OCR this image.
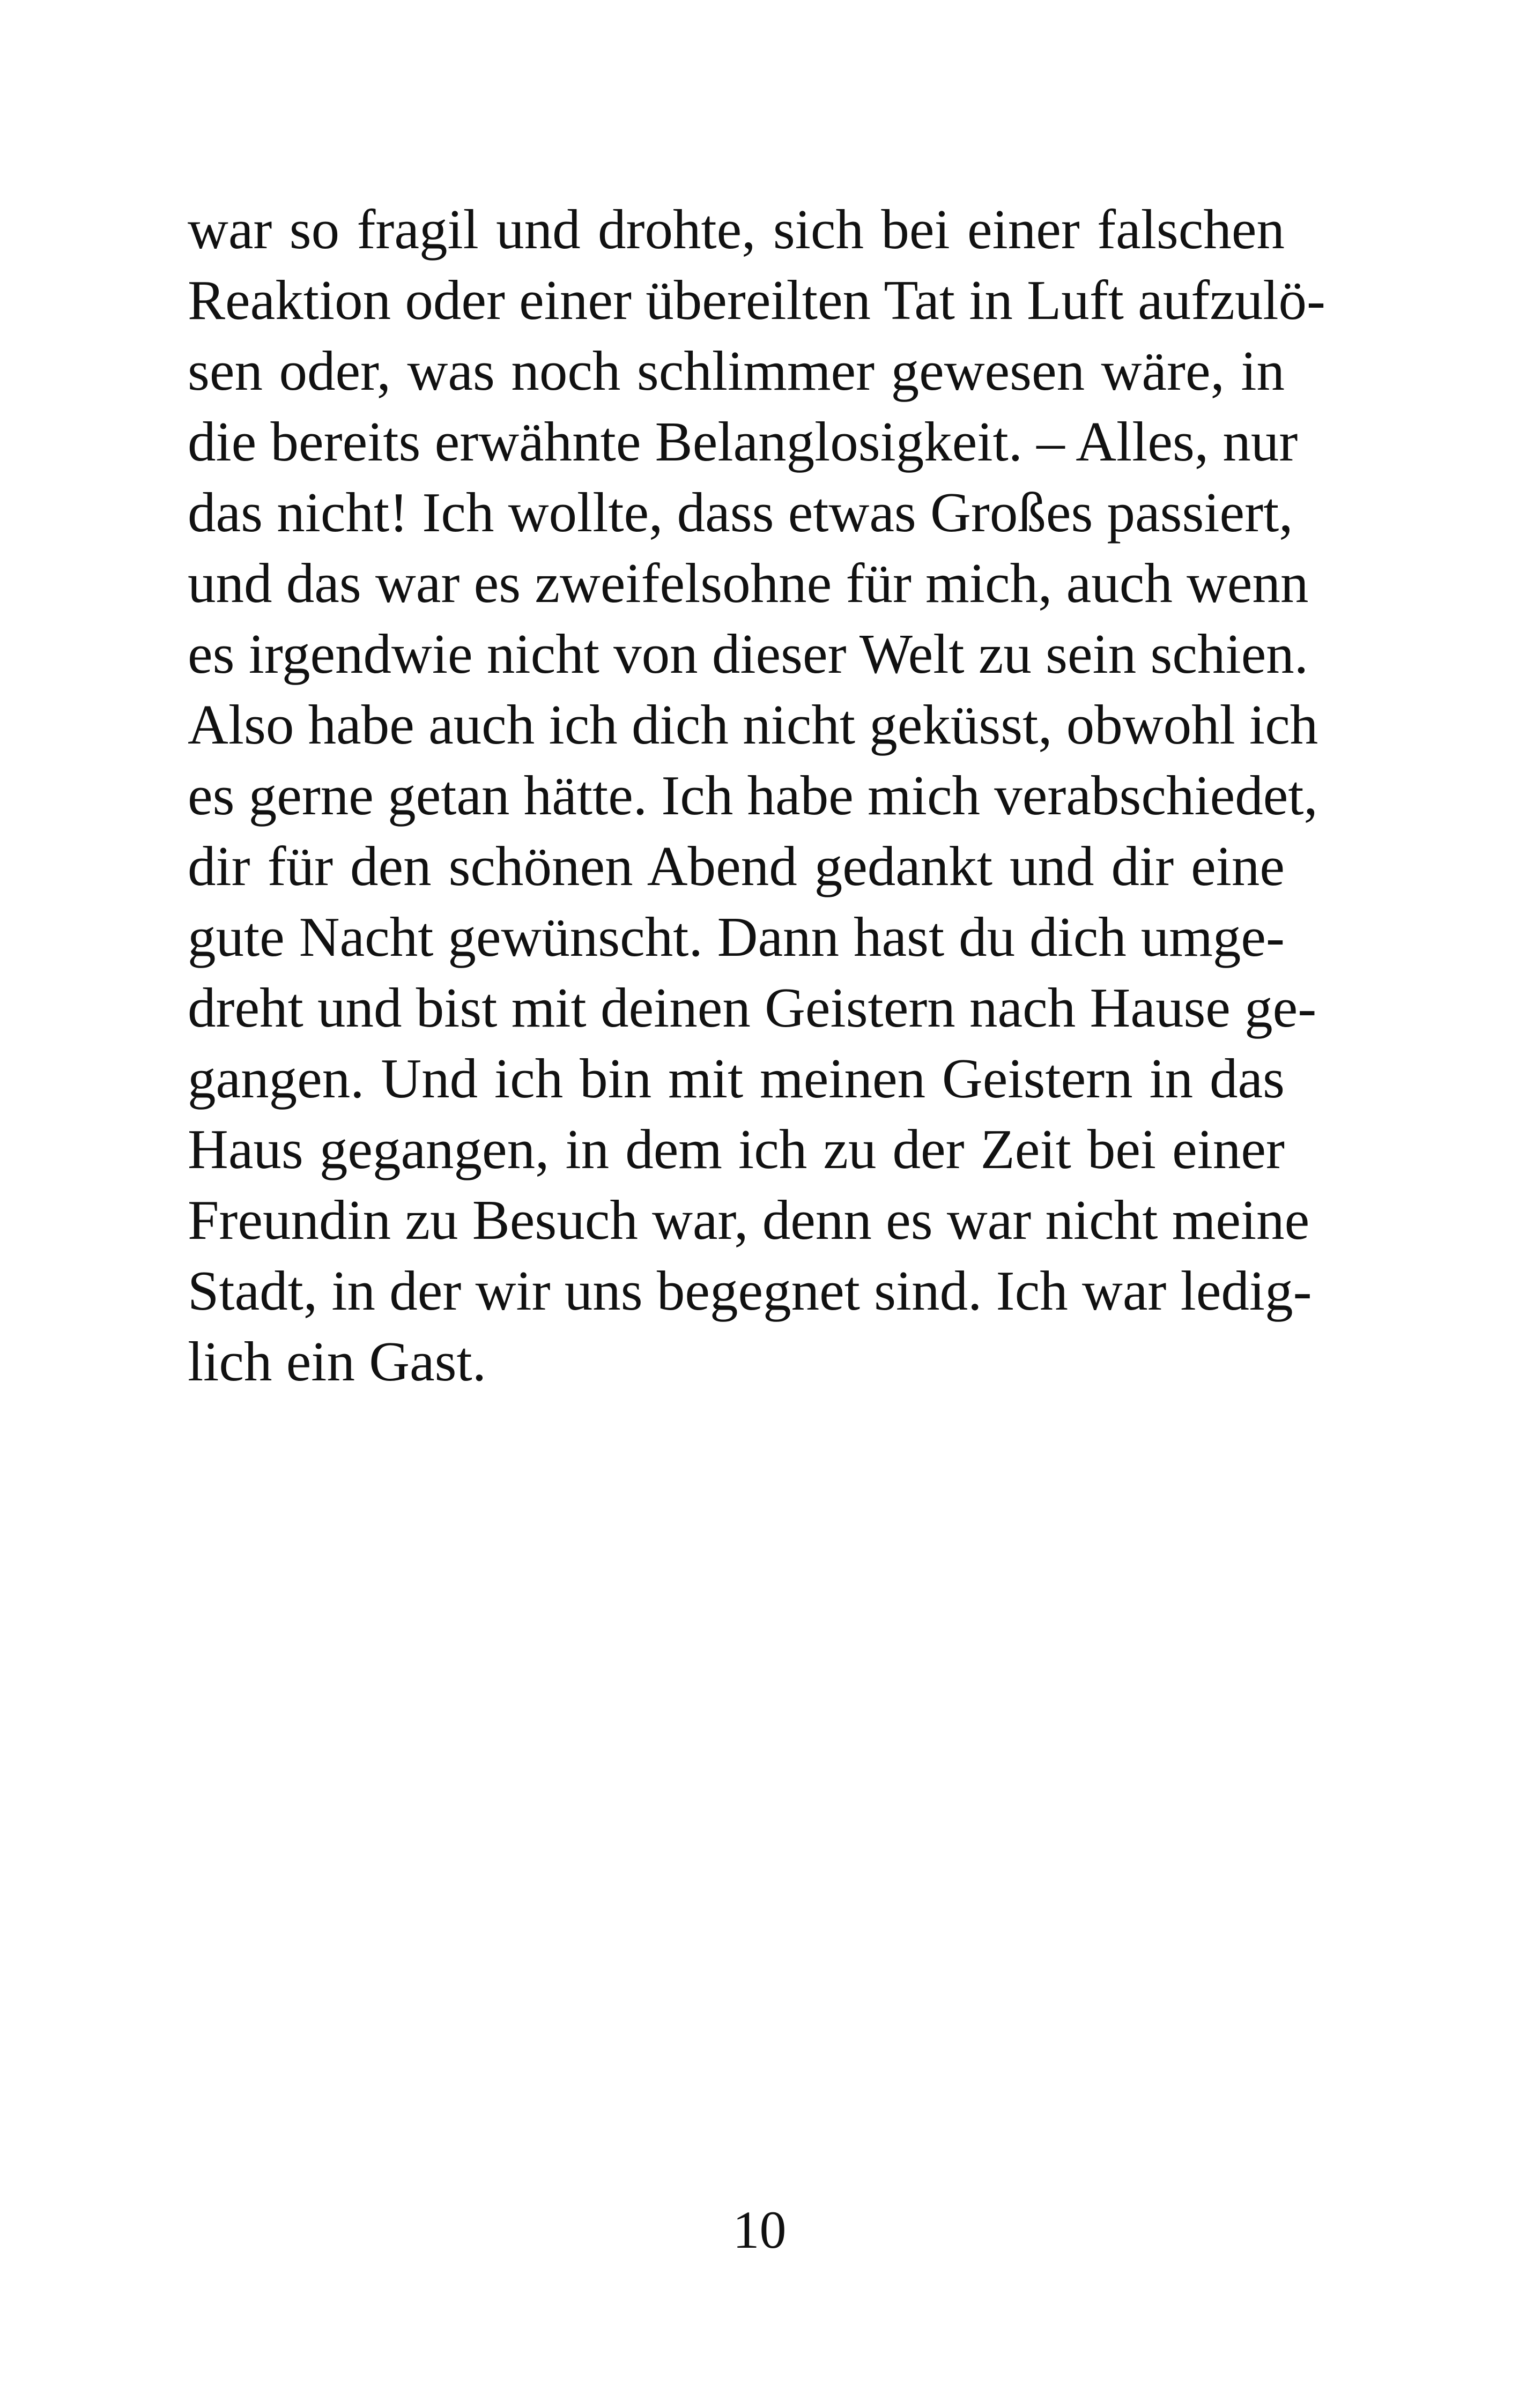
war so fragil und drohte, sich bei einer falschen
Reaktion oder einer übereilten Tat in Luft aufzulö-
sen oder, was noch schlimmer gewesen wäre, in
die bereits erwähnte Belanglosigkeit. – Alles, nur
das nicht! Ich wollte, dass etwas Großes passiert,
und das war es zweifelsohne für mich, auch wenn
es irgendwie nicht von dieser Welt zu sein schien.
Also habe auch ich dich nicht geküsst, obwohl ich
es gerne getan hätte. Ich habe mich verabschiedet,
dir für den schönen Abend gedankt und dir eine
gute Nacht gewünscht. Dann hast du dich umge-
dreht und bist mit deinen Geistern nach Hause ge-
gangen. Und ich bin mit meinen Geistern in das
Haus gegangen, in dem ich zu der Zeit bei einer
Freundin zu Besuch war, denn es war nicht meine
Stadt, in der wir uns begegnet sind. Ich war ledig-
lich ein Gast.
10
